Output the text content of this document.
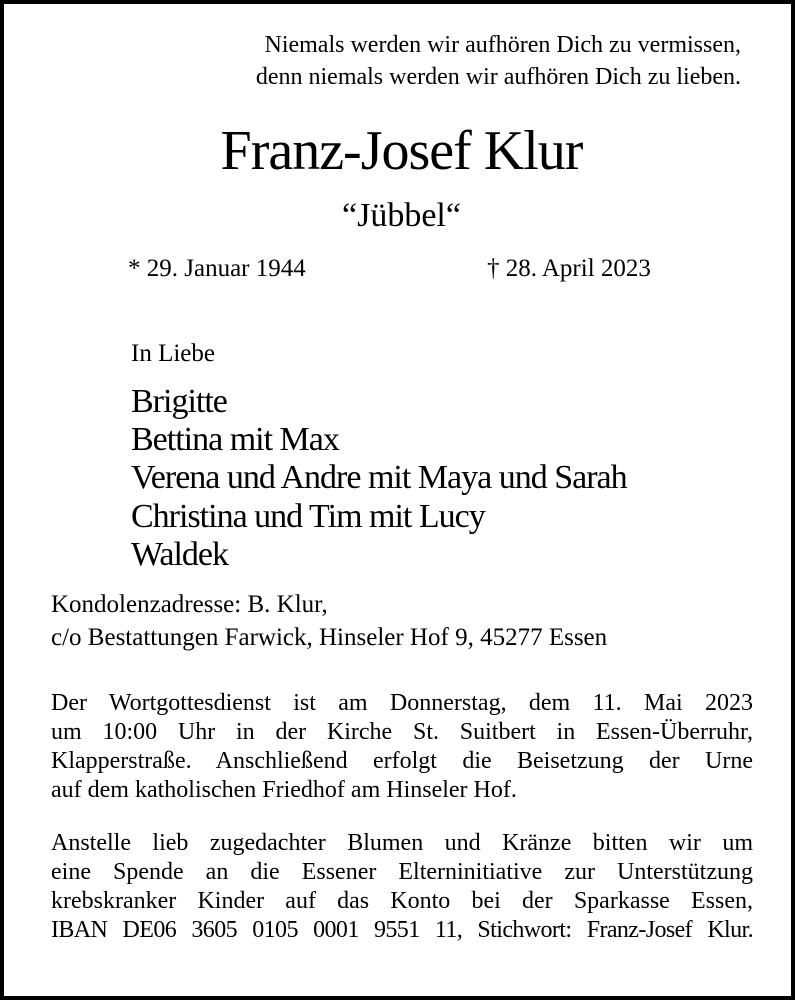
Niemals werden wir aufhören Dich zu vermissen,
denn niemals werden wir aufhören Dich zu lieben.
Franz-Josef Klur
“Jübbel“
* 29. Januar 1944	† 28. April 2023
In Liebe
Brigitte
Bettina mit Max
Verena und Andre mit Maya und Sarah
Christina und Tim mit Lucy
Waldek
Kondolenzadresse: B. Klur,
c/o Bestattungen Farwick, Hinseler Hof 9, 45277 Essen
Der Wortgottesdienst ist am Donnerstag, dem 11. Mai 2023
um 10:00 Uhr in der Kirche St. Suitbert in Essen-Überruhr,
Klapperstraße. Anschließend erfolgt die Beisetzung der Urne
auf dem katholischen Friedhof am Hinseler Hof.
Anstelle lieb zugedachter Blumen und Kränze bitten wir um
eine Spende an die Essener Elterninitiative zur Unterstützung
krebskranker Kinder auf das Konto bei der Sparkasse Essen,
IBAN DE06 3605 0105 0001 9551 11, Stichwort: Franz-Josef Klur.
